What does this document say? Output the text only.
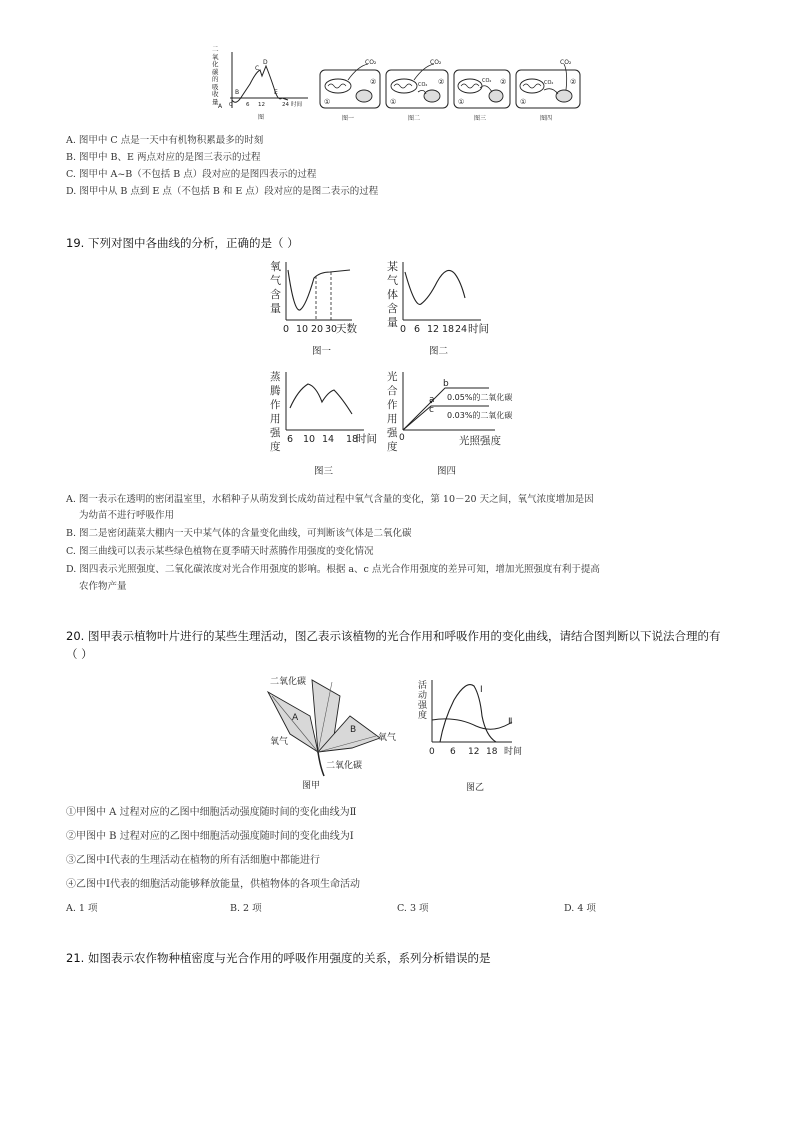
A
B
C
D
E
0 6 12	24 时间
图
二氧化碳的吸收量
CO₂
①
②
图一
CO₂
CO₂
①
②
图二
CO₂
①
②
图三
CO₂
CO₂
①
②
图四
A. 图甲中 C 点是一天中有机物积累最多的时刻
B. 图甲中 B、E 两点对应的是图三表示的过程
C. 图甲中 A~B（不包括 B 点）段对应的是图四表示的过程
D. 图甲中从 B 点到 E 点（不包括 B 和 E 点）段对应的是图二表示的过程
19. 下列对图中各曲线的分析，正确的是（ ）
氧
气
含
量
0 10 20 30
天数
图一
某
气
体
含
量
0 6 12 18 24 时间
图二
蒸
腾
作
用
强
度
6 10 14 18
时间
图三
光
合
作
用
强
度
0
a
b
c
0.05%的二氧化碳
0.03%的二氧化碳
光照强度
图四
A. 图一表示在透明的密闭温室里，水稻种子从萌发到长成幼苗过程中氧气含量的变化，第 10－20 天之间，氧气浓度增加是因
为幼苗不进行呼吸作用
B. 图二是密闭蔬菜大棚内一天中某气体的含量变化曲线，可判断该气体是二氧化碳
C. 图三曲线可以表示某些绿色植物在夏季晴天时蒸腾作用强度的变化情况
D. 图四表示光照强度、二氧化碳浓度对光合作用强度的影响。根据 a、c 点光合作用强度的差异可知，增加光照强度有利于提高
农作物产量
20. 图甲表示植物叶片进行的某些生理活动，图乙表示该植物的光合作用和呼吸作用的变化曲线，请结合图判断以下说法合理的有
（ ）
二氧化碳
A
B
氧气	氧气
二氧化碳
图甲
活
动
强
度
Ⅰ
Ⅱ
0 6 12 18 时间
图乙
①甲图中 A 过程对应的乙图中细胞活动强度随时间的变化曲线为Ⅱ
②甲图中 B 过程对应的乙图中细胞活动强度随时间的变化曲线为Ⅰ
③乙图中Ⅰ代表的生理活动在植物的所有活细胞中都能进行
④乙图中Ⅰ代表的细胞活动能够释放能量，供植物体的各项生命活动
A. 1 项	B. 2 项	C. 3 项	D. 4 项
21. 如图表示农作物种植密度与光合作用的呼吸作用强度的关系，系列分析错误的是
